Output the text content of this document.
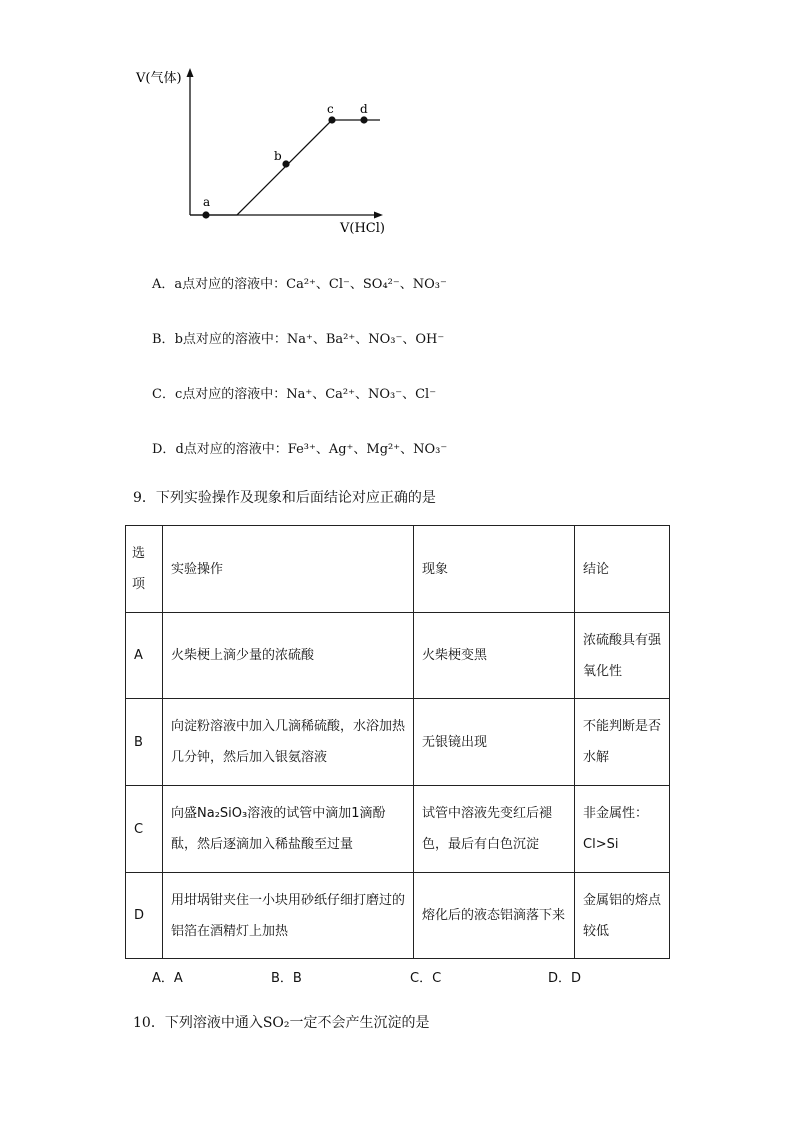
V(气体)
V(HCl)
a
b
c d
A．a点对应的溶液中：Ca²⁺、Cl⁻、SO₄²⁻、NO₃⁻
B．b点对应的溶液中：Na⁺、Ba²⁺、NO₃⁻、OH⁻
C．c点对应的溶液中：Na⁺、Ca²⁺、NO₃⁻、Cl⁻
D．d点对应的溶液中：Fe³⁺、Ag⁺、Mg²⁺、NO₃⁻
9．下列实验操作及现象和后面结论对应正确的是
选项	实验操作	现象	结论
A	火柴梗上滴少量的浓硫酸	火柴梗变黑	浓硫酸具有强氧化性
B	向淀粉溶液中加入几滴稀硫酸，水浴加热几分钟，然后加入银氨溶液	无银镜出现	不能判断是否水解
C	向盛Na₂SiO₃溶液的试管中滴加1滴酚酞，然后逐滴加入稀盐酸至过量	试管中溶液先变红后褪色，最后有白色沉淀	非金属性：Cl>Si
D	用坩埚钳夹住一小块用砂纸仔细打磨过的铝箔在酒精灯上加热	熔化后的液态铝滴落下来	金属铝的熔点较低
A．A	B．B	C．C	D．D
10．下列溶液中通入SO₂一定不会产生沉淀的是
